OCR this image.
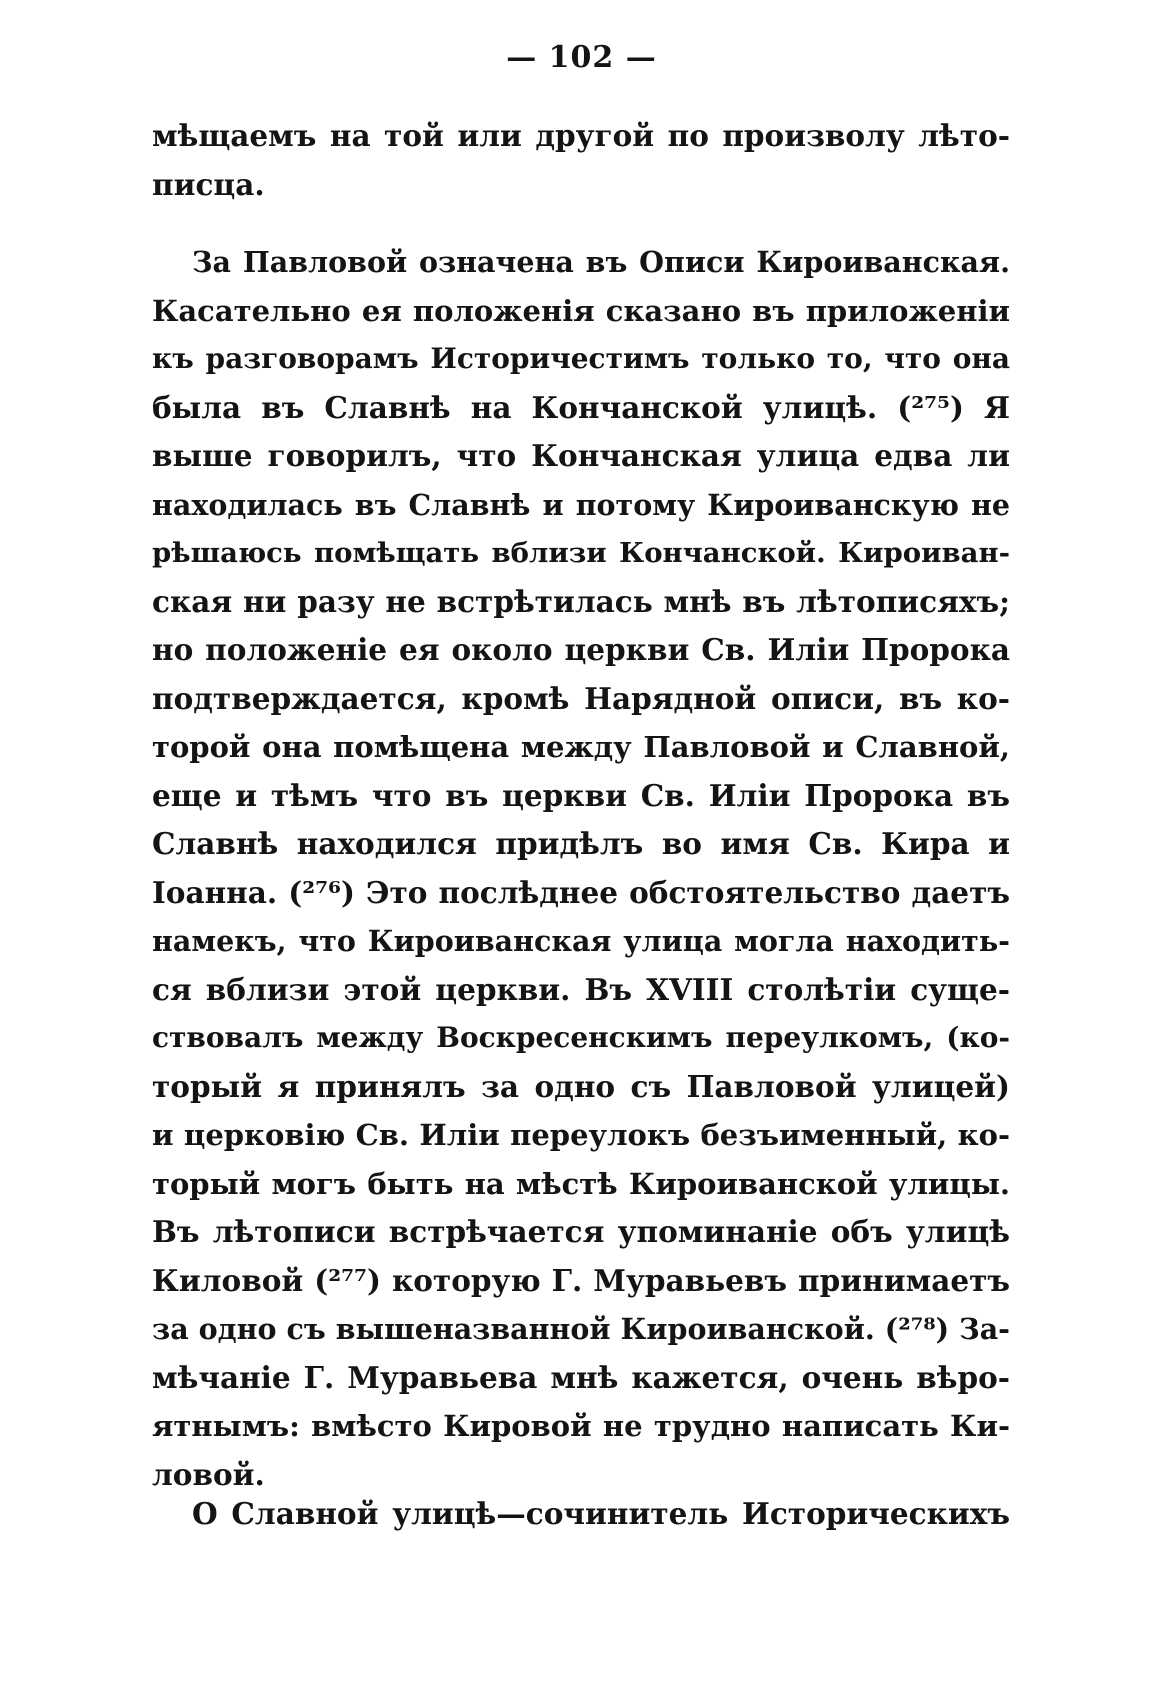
— 102 —
мѣщаемъ на той или другой по произволу лѣто-
писца.
За Павловой означена въ Описи Кироиванская.
Касательно ея положенія сказано въ приложеніи
къ разговорамъ Историчестимъ только то, что она
была въ Славнѣ на Кончанской улицѣ. (²⁷⁵) Я
выше говорилъ, что Кончанская улица едва ли
находилась въ Славнѣ и потому Кироиванскую не
рѣшаюсь помѣщать вблизи Кончанской. Кироиван-
ская ни разу не встрѣтилась мнѣ въ лѣтописяхъ;
но положеніе ея около церкви Св. Иліи Пророка
подтверждается, кромѣ Нарядной описи, въ ко-
торой она помѣщена между Павловой и Славной,
еще и тѣмъ что въ церкви Св. Иліи Пророка въ
Славнѣ находился придѣлъ во имя Св. Кира и
Іоанна. (²⁷⁶) Это послѣднее обстоятельство даетъ
намекъ, что Кироиванская улица могла находить-
ся вблизи этой церкви. Въ XVIII столѣтіи суще-
ствовалъ между Воскресенскимъ переулкомъ, (ко-
торый я принялъ за одно съ Павловой улицей)
и церковію Св. Иліи переулокъ безъименный, ко-
торый могъ быть на мѣстѣ Кироиванской улицы.
Въ лѣтописи встрѣчается упоминаніе объ улицѣ
Киловой (²⁷⁷) которую Г. Муравьевъ принимаетъ
за одно съ вышеназванной Кироиванской. (²⁷⁸) За-
мѣчаніе Г. Муравьева мнѣ кажется, очень вѣро-
ятнымъ: вмѣсто Кировой не трудно написать Ки-
ловой.
О Славной улицѣ—сочинитель Историческихъ
